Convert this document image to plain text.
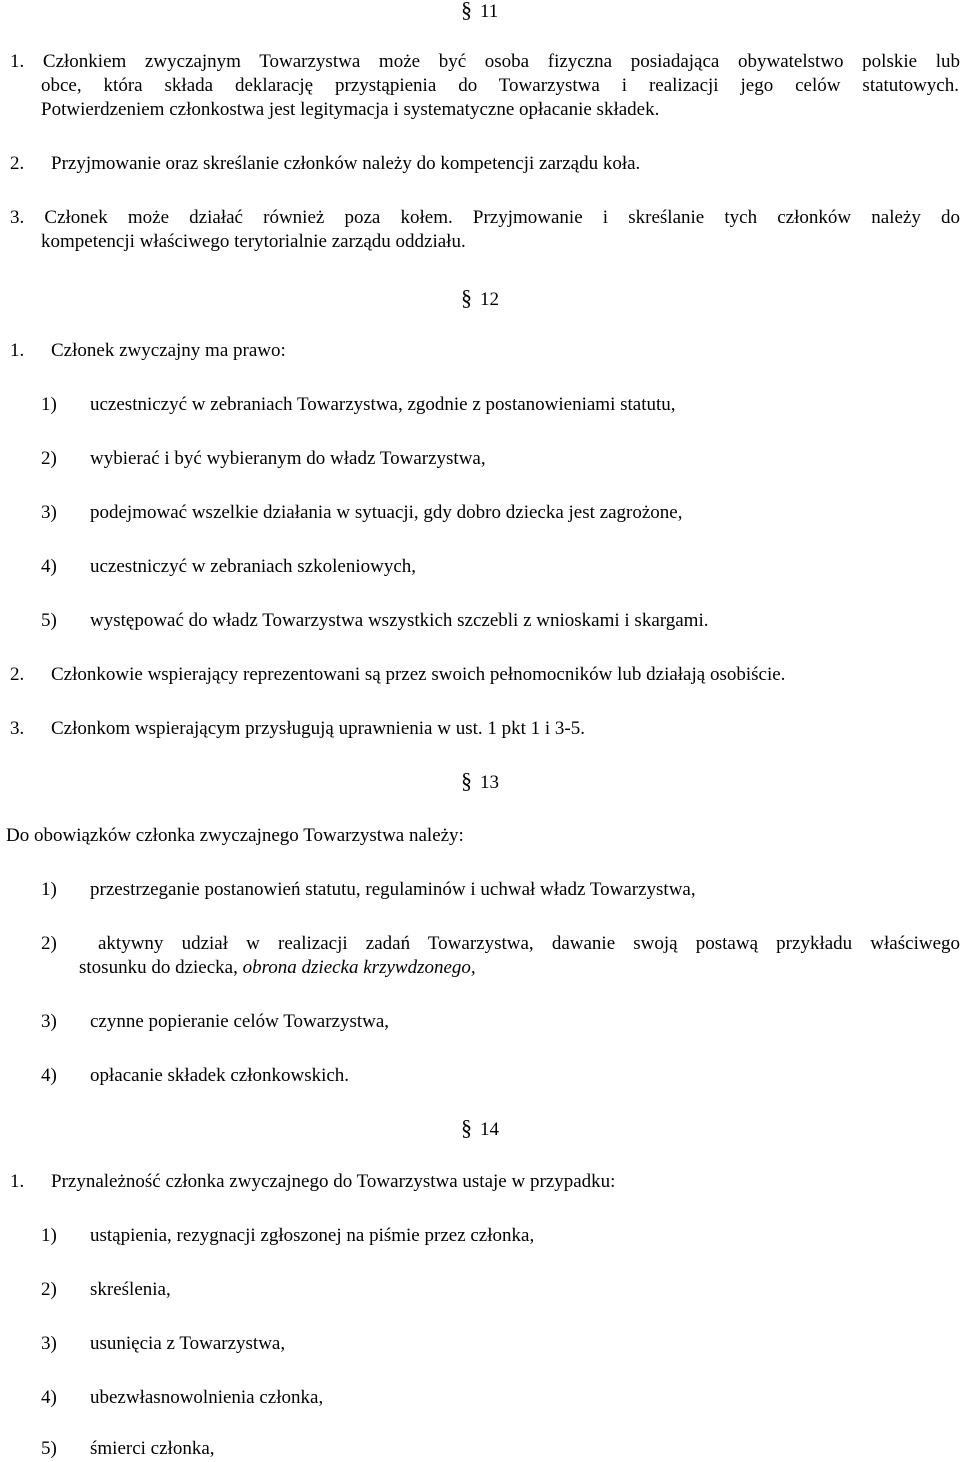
§ 11
1. Członkiem zwyczajnym Towarzystwa może być osoba fizyczna posiadająca obywatelstwo polskie lub
obce, która składa deklarację przystąpienia do Towarzystwa i realizacji jego celów statutowych.
Potwierdzeniem członkostwa jest legitymacja i systematyczne opłacanie składek.
2. Przyjmowanie oraz skreślanie członków należy do kompetencji zarządu koła.
3. Członek może działać również poza kołem. Przyjmowanie i skreślanie tych członków należy do
kompetencji właściwego terytorialnie zarządu oddziału.
§ 12
1. Członek zwyczajny ma prawo:
1) uczestniczyć w zebraniach Towarzystwa, zgodnie z postanowieniami statutu,
2) wybierać i być wybieranym do władz Towarzystwa,
3) podejmować wszelkie działania w sytuacji, gdy dobro dziecka jest zagrożone,
4) uczestniczyć w zebraniach szkoleniowych,
5) występować do władz Towarzystwa wszystkich szczebli z wnioskami i skargami.
2. Członkowie wspierający reprezentowani są przez swoich pełnomocników lub działają osobiście.
3. Członkom wspierającym przysługują uprawnienia w ust. 1 pkt 1 i 3-5.
§ 13
Do obowiązków członka zwyczajnego Towarzystwa należy:
1) przestrzeganie postanowień statutu, regulaminów i uchwał władz Towarzystwa,
2)	aktywny udział w realizacji zadań Towarzystwa, dawanie swoją postawą przykładu właściwego
stosunku do dziecka, obrona dziecka krzywdzonego,
3) czynne popieranie celów Towarzystwa,
4) opłacanie składek członkowskich.
§ 14
1. Przynależność członka zwyczajnego do Towarzystwa ustaje w przypadku:
1) ustąpienia, rezygnacji zgłoszonej na piśmie przez członka,
2) skreślenia,
3) usunięcia z Towarzystwa,
4) ubezwłasnowolnienia członka,
5) śmierci członka,
